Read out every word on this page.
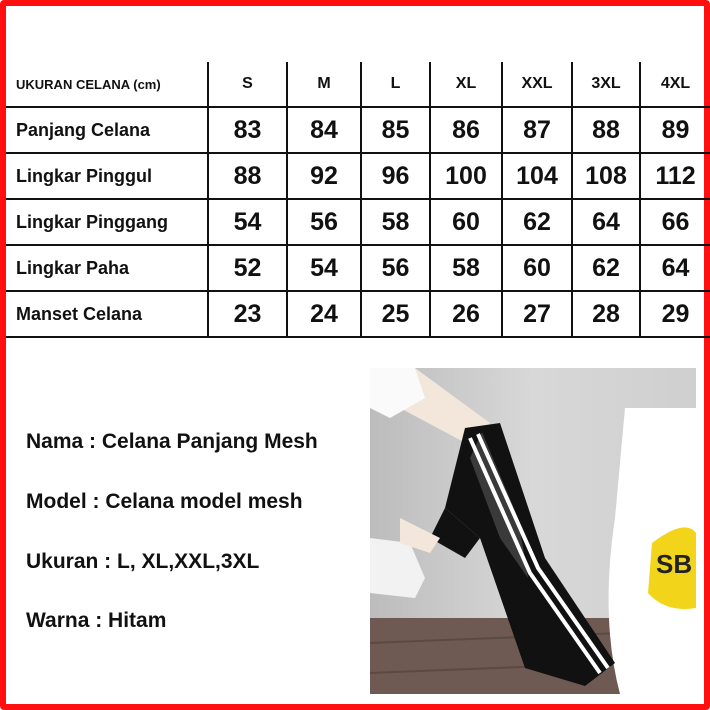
UKURAN CELANA (cm)	S	M	L	XL	XXL	3XL	4XL
Panjang Celana	83	84	85	86	87	88	89
Lingkar Pinggul	88	92	96	100	104	108	112
Lingkar Pinggang	54	56	58	60	62	64	66
Lingkar Paha	52	54	56	58	60	62	64
Manset Celana	23	24	25	26	27	28	29
Nama : Celana Panjang Mesh
Model : Celana model mesh
Ukuran : L, XL,XXL,3XL
Warna : Hitam
SB
